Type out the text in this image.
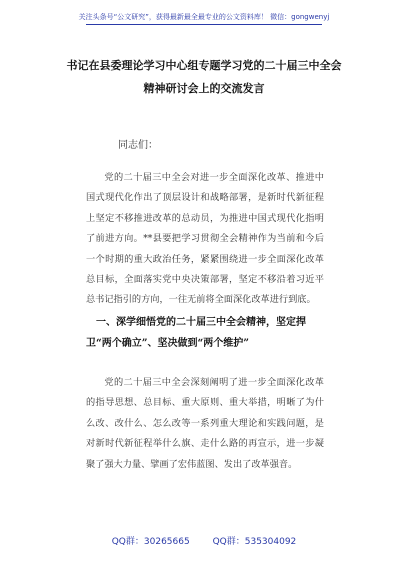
关注头条号“公文研究”，获得最新最全最专业的公文资料库！ 微信：gongwenyj
书记在县委理论学习中心组专题学习党的二十届三中全会
精神研讨会上的交流发言
同志们：

党的二十届三中全会对进一步全面深化改革、推进中国式现代化作出了顶层设计和战略部署，是新时代新征程上坚定不移推进改革的总动员，为推进中国式现代化指明了前进方向。**县要把学习贯彻全会精神作为当前和今后一个时期的重大政治任务，紧紧围绕进一步全面深化改革总目标，全面落实党中央决策部署，坚定不移沿着习近平总书记指引的方向，一往无前将全面深化改革进行到底。

一、深学细悟党的二十届三中全会精神，坚定捍卫“两个确立”、坚决做到“两个维护”

党的二十届三中全会深刻阐明了进一步全面深化改革的指导思想、总目标、重大原则、重大举措，明晰了为什么改、改什么、怎么改等一系列重大理论和实践问题，是对新时代新征程举什么旗、走什么路的再宣示，进一步凝聚了强大力量、擘画了宏伟蓝图、发出了改革强音。

QQ群：30265665	QQ群：535304092
